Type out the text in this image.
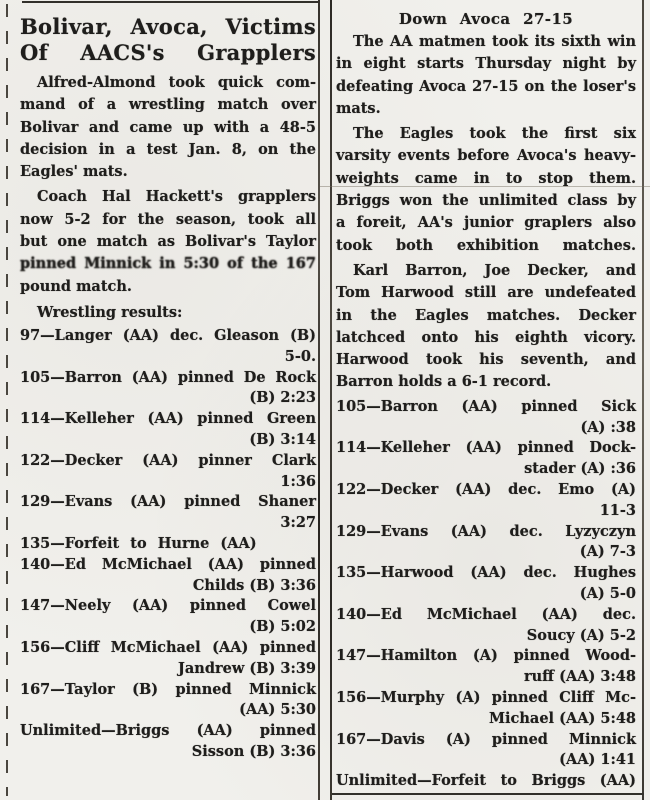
Bolivar, Avoca, Victims
Of AACS's Grapplers
Alfred-Almond took quick com-
mand of a wrestling match over
Bolivar and came up with a 48-5
decision in a test Jan. 8, on the
Eagles' mats.
Coach Hal Hackett's grapplers
now 5-2 for the season, took all
but one match as Bolivar's Taylor
pinned Minnick in 5:30 of the 167
pound match.
Wrestling results:
97—Langer (AA) dec. Gleason (B)
5-0.
105—Barron (AA) pinned De Rock
(B) 2:23
114—Kelleher (AA) pinned Green
(B) 3:14
122—Decker (AA) pinner Clark
1:36
129—Evans (AA) pinned Shaner
3:27
135—Forfeit to Hurne (AA)
140—Ed McMichael (AA) pinned
Childs (B) 3:36
147—Neely (AA) pinned Cowel
(B) 5:02
156—Cliff McMichael (AA) pinned
Jandrew (B) 3:39
167—Taylor (B) pinned Minnick
(AA) 5:30
Unlimited—Briggs (AA) pinned
Sisson (B) 3:36
Down Avoca 27-15
The AA matmen took its sixth win
in eight starts Thursday night by
defeating Avoca 27-15 on the loser's
mats.
The Eagles took the first six
varsity events before Avoca's heavy-
weights came in to stop them.
Briggs won the unlimited class by
a foreit, AA's junior graplers also
took both exhibition matches.
Karl Barron, Joe Decker, and
Tom Harwood still are undefeated
in the Eagles matches. Decker
latchced onto his eighth vicory.
Harwood took his seventh, and
Barron holds a 6-1 record.
105—Barron (AA) pinned Sick
(A) :38
114—Kelleher (AA) pinned Dock-
stader (A) :36
122—Decker (AA) dec. Emo (A)
11-3
129—Evans (AA) dec. Lyzyczyn
(A) 7-3
135—Harwood (AA) dec. Hughes
(A) 5-0
140—Ed McMichael (AA) dec.
Soucy (A) 5-2
147—Hamilton (A) pinned Wood-
ruff (AA) 3:48
156—Murphy (A) pinned Cliff Mc-
Michael (AA) 5:48
167—Davis (A) pinned Minnick
(AA) 1:41
Unlimited—Forfeit to Briggs (AA)
